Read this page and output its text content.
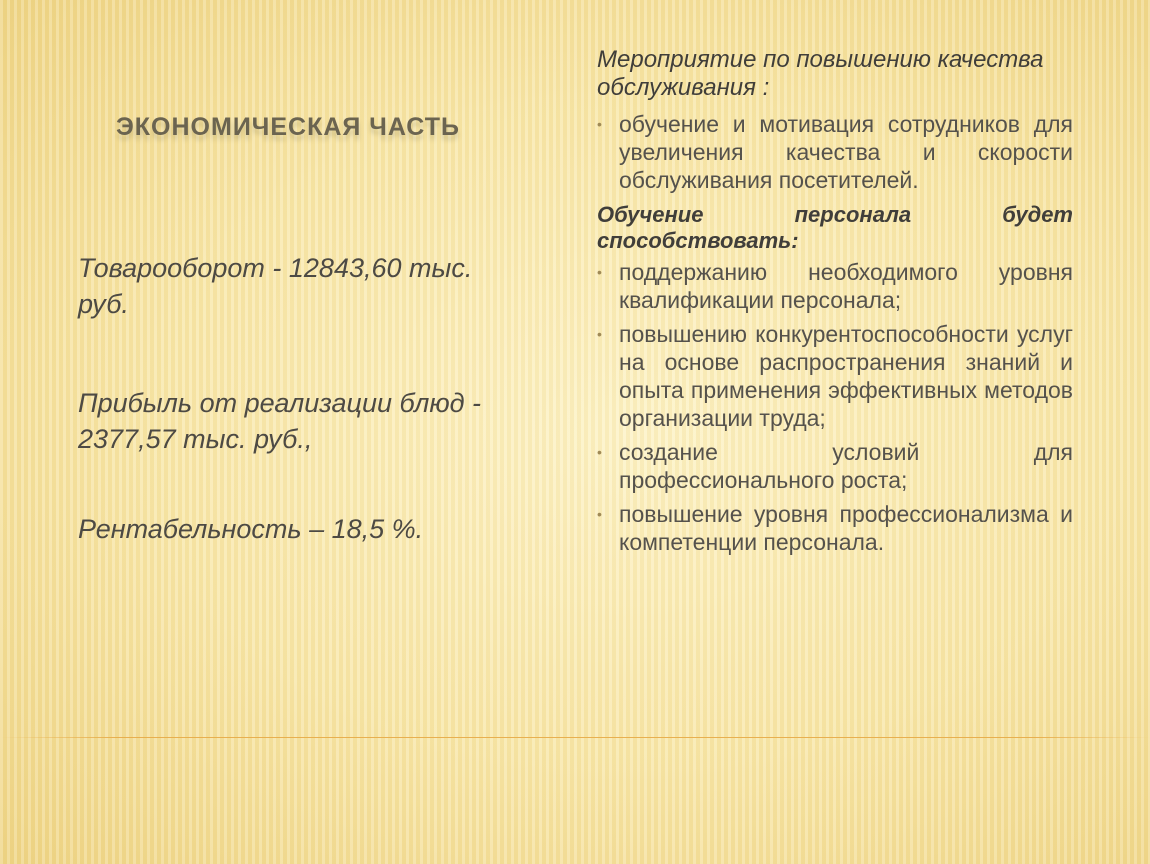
ЭКОНОМИЧЕСКАЯ ЧАСТЬ
Товарооборот - 12843,60 тыс. руб.
Прибыль от реализации блюд - 2377,57 тыс. руб.,
Рентабельность – 18,5 %.
Мероприятие по повышению качества обслуживания :
• обучение и мотивация сотрудников для увеличения качества и скорости обслуживания посетителей.
Обучение персонала будет
способствовать:
• поддержанию необходимого уровня квалификации персонала;
• повышению конкурентоспособности услуг на основе распространения знаний и опыта применения эффективных методов организации труда;
• создание условий для профессионального роста;
• повышение уровня профессионализма и компетенции персонала.
